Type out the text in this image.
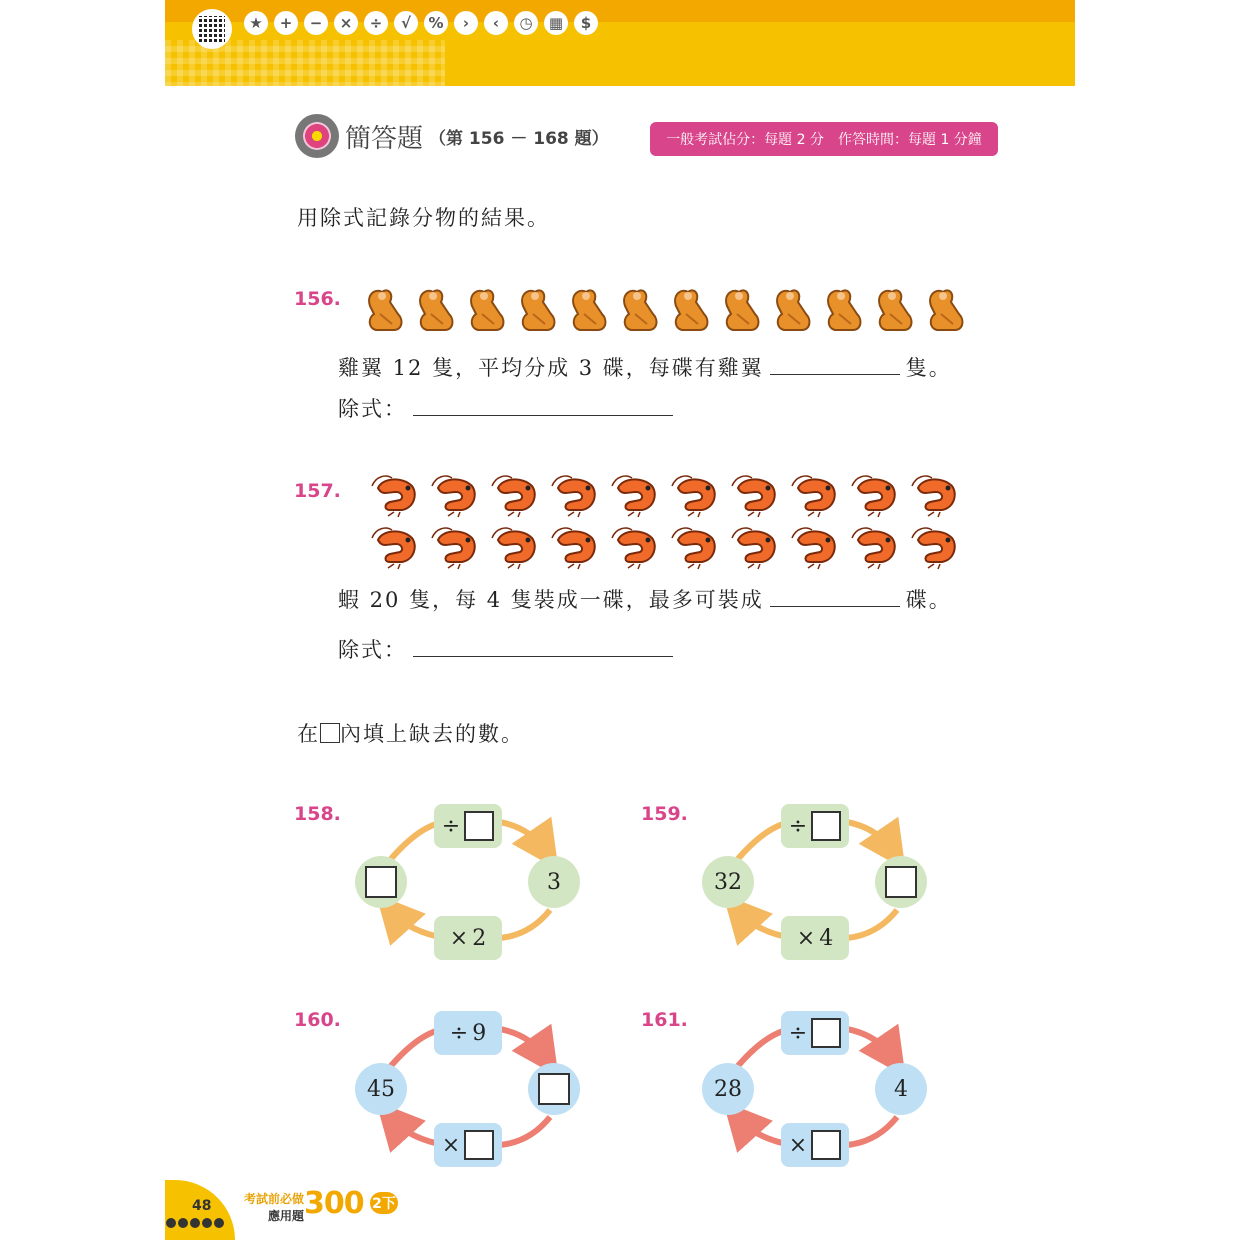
★	+	−	×	÷	√	%	›	‹	◷	▦	$
簡答題 （第 156 － 168 題）	一般考試佔分：每題 2 分 作答時間：每題 1 分鐘
用除式記錄分物的結果。
156.
雞翼 12 隻，平均分成 3 碟，每碟有雞翼	隻。
除式：
157.
蝦 20 隻，每 4 隻裝成一碟，最多可裝成	碟。
除式：
在 內填上缺去的數。
158.	÷
3
× 2
159.	÷
32
× 4
160.
÷ 9
45
×
161.
÷
28	4
×
48	考試前必做
應用題 300 2下
